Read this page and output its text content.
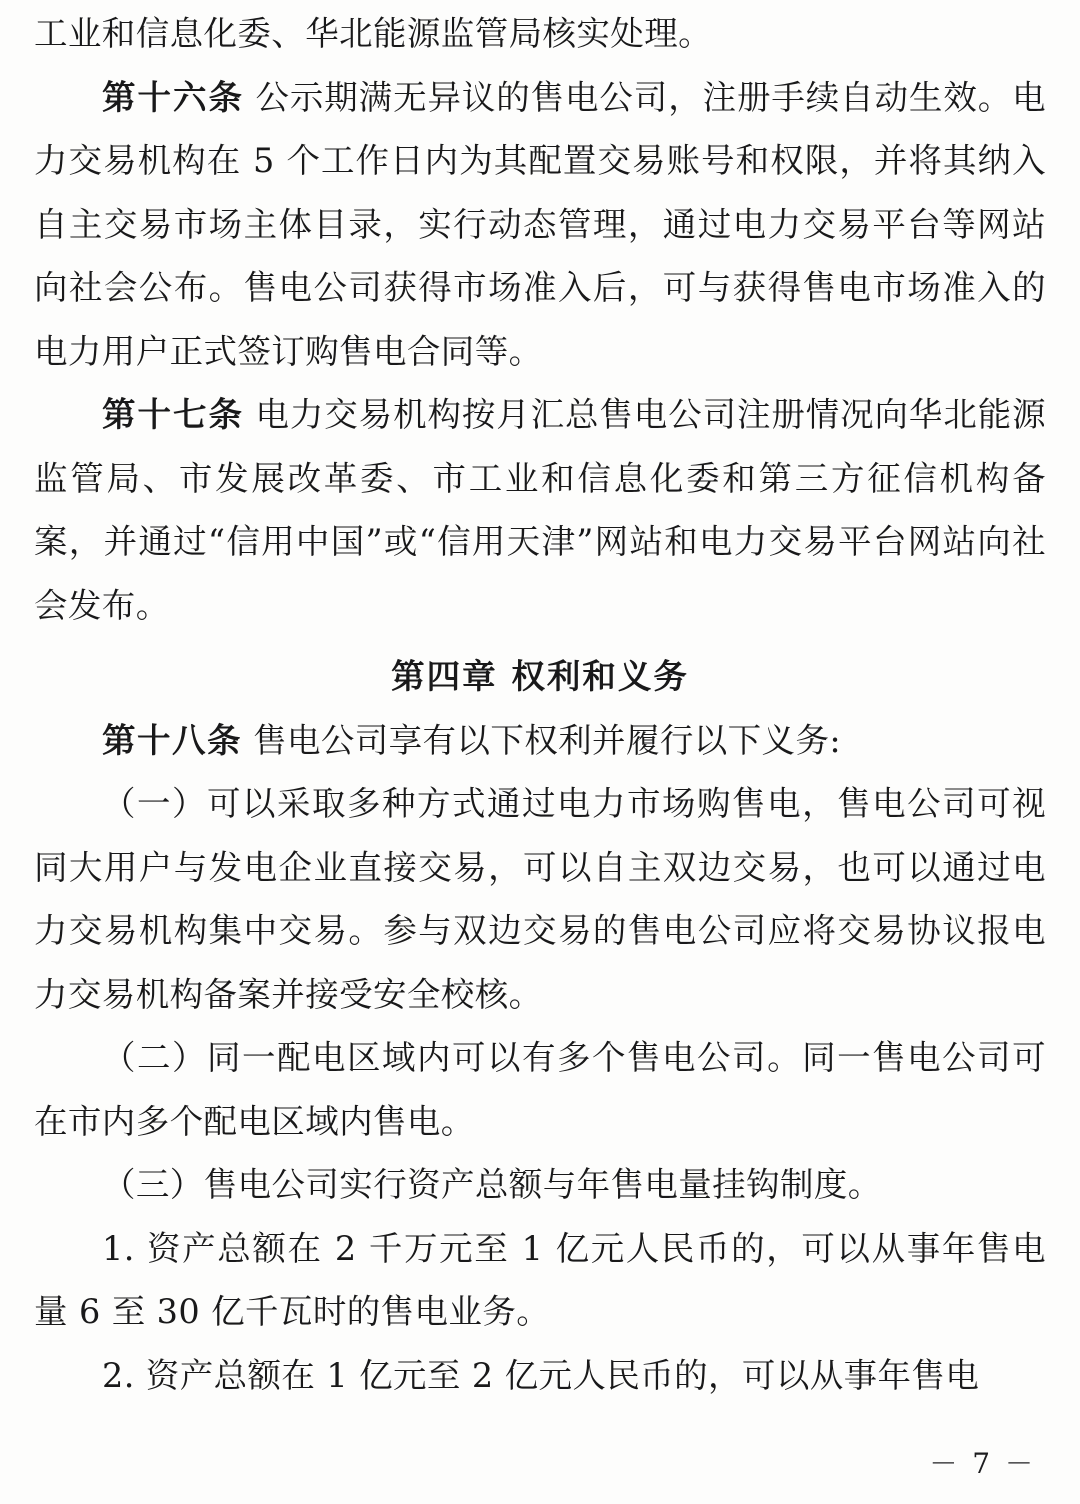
工业和信息化委、华北能源监管局核实处理。

第十六条 公示期满无异议的售电公司，注册手续自动生效。电力交易机构在 5 个工作日内为其配置交易账号和权限，并将其纳入自主交易市场主体目录，实行动态管理，通过电力交易平台等网站向社会公布。售电公司获得市场准入后，可与获得售电市场准入的电力用户正式签订购售电合同等。

第十七条 电力交易机构按月汇总售电公司注册情况向华北能源监管局、市发展改革委、市工业和信息化委和第三方征信机构备案，并通过“信用中国”或“信用天津”网站和电力交易平台网站向社会发布。

第四章 权利和义务

第十八条 售电公司享有以下权利并履行以下义务:

（一）可以采取多种方式通过电力市场购售电，售电公司可视同大用户与发电企业直接交易，可以自主双边交易，也可以通过电力交易机构集中交易。参与双边交易的售电公司应将交易协议报电力交易机构备案并接受安全校核。

（二）同一配电区域内可以有多个售电公司。同一售电公司可在市内多个配电区域内售电。

（三）售电公司实行资产总额与年售电量挂钩制度。

1. 资产总额在 2 千万元至 1 亿元人民币的，可以从事年售电量 6 至 30 亿千瓦时的售电业务。

2. 资产总额在 1 亿元至 2 亿元人民币的，可以从事年售电

－ 7 －
